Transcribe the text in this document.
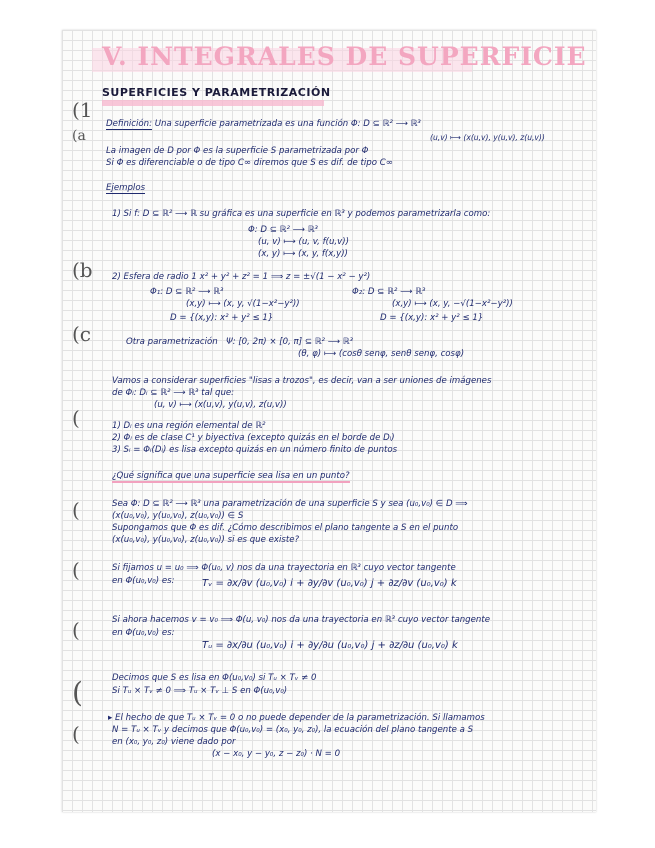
V. INTEGRALES DE SUPERFICIE
SUPERFICIES Y PARAMETRIZACIÓN
(1
(a
(b
(c
(
(
(
(
(
(
Definición: Una superficie parametrizada es una función Φ: D ⊆ ℝ² ⟶ ℝ³
(u,v) ⟼ (x(u,v), y(u,v), z(u,v))
La imagen de D por Φ es la superficie S parametrizada por Φ
Si Φ es diferenciable o de tipo C∞ diremos que S es dif. de tipo C∞
Ejemplos
1) Si f: D ⊆ ℝ² ⟶ ℝ su gráfica es una superficie en ℝ³ y podemos parametrizarla como:
Φ: D ⊆ ℝ² ⟶ ℝ³
(u, v) ⟼ (u, v, f(u,v))
(x, y) ⟼ (x, y, f(x,y))
2) Esfera de radio 1 x² + y² + z² = 1 ⟹ z = ±√(1 − x² − y²)
Φ₁: D ⊆ ℝ² ⟶ ℝ³
(x,y) ⟼ (x, y, √(1−x²−y²))
D = {(x,y): x² + y² ≤ 1}
Φ₂: D ⊆ ℝ² ⟶ ℝ³
(x,y) ⟼ (x, y, −√(1−x²−y²))
D = {(x,y): x² + y² ≤ 1}
Otra parametrización Ψ: [0, 2π) × [0, π] ⊆ ℝ² ⟶ ℝ³
(θ, φ) ⟼ (cosθ senφ, senθ senφ, cosφ)
Vamos a considerar superficies "lisas a trozos", es decir, van a ser uniones de imágenes
de Φᵢ: Dᵢ ⊆ ℝ² ⟶ ℝ³ tal que:
(u, v) ⟼ (x(u,v), y(u,v), z(u,v))
1) Dᵢ es una región elemental de ℝ²
2) Φᵢ es de clase C¹ y biyectiva (excepto quizás en el borde de Dᵢ)
3) Sᵢ = Φᵢ(Dᵢ) es lisa excepto quizás en un número finito de puntos
¿Qué significa que una superficie sea lisa en un punto?
Sea Φ: D ⊆ ℝ² ⟶ ℝ³ una parametrización de una superficie S y sea (u₀,v₀) ∈ D ⟹
(x(u₀,v₀), y(u₀,v₀), z(u₀,v₀)) ∈ S
Supongamos que Φ es dif. ¿Cómo describimos el plano tangente a S en el punto
(x(u₀,v₀), y(u₀,v₀), z(u₀,v₀)) si es que existe?
Si fijamos u = u₀ ⟹ Φ(u₀, v) nos da una trayectoria en ℝ³ cuyo vector tangente
en Φ(u₀,v₀) es:	Tᵥ = ∂x/∂v (u₀,v₀) i + ∂y/∂v (u₀,v₀) j + ∂z/∂v (u₀,v₀) k
Si ahora hacemos v = v₀ ⟹ Φ(u, v₀) nos da una trayectoria en ℝ³ cuyo vector tangente
en Φ(u₀,v₀) es:
Tᵤ = ∂x/∂u (u₀,v₀) i + ∂y/∂u (u₀,v₀) j + ∂z/∂u (u₀,v₀) k
Decimos que S es lisa en Φ(u₀,v₀) si Tᵤ × Tᵥ ≠ 0
Si Tᵤ × Tᵥ ≠ 0 ⟹ Tᵤ × Tᵥ ⊥ S en Φ(u₀,v₀)
▸ El hecho de que Tᵤ × Tᵥ = 0 o no puede depender de la parametrización. Si llamamos
N = Tᵤ × Tᵥ y decimos que Φ(u₀,v₀) = (x₀, y₀, z₀), la ecuación del plano tangente a S
en (x₀, y₀, z₀) viene dado por
(x − x₀, y − y₀, z − z₀) · N = 0
